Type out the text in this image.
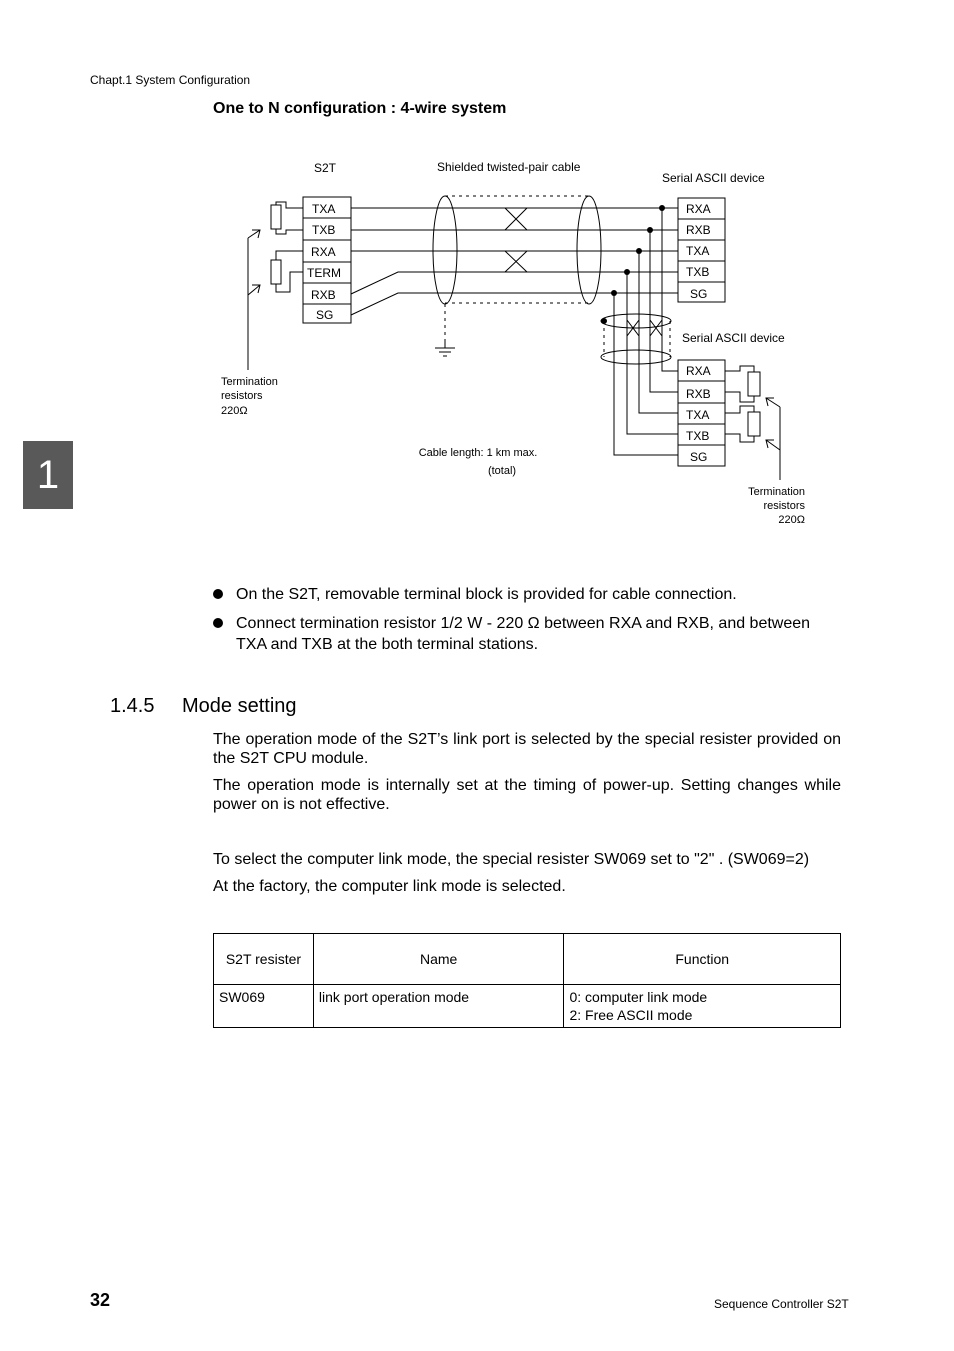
Chapt.1 System Configuration
One to N configuration : 4-wire system
1
S2T	Shielded twisted-pair cable
Serial ASCII device
Serial ASCII device
TXA
TXB
RXA
TERM
RXB
SG
Termination
resistors
220Ω
RXA
RXB
TXA
TXB
SG
RXA
RXB
TXA
TXB
SG
Termination
resistors
220Ω
Cable length: 1 km max.
(total)
On the S2T, removable terminal block is provided for cable connection.
Connect termination resistor 1/2 W - 220 Ω between RXA and RXB, and between TXA and TXB at the both terminal stations.
1.4.5 Mode setting
The operation mode of the S2T’s link port is selected by the special resister provided on the S2T CPU module.
The operation mode is internally set at the timing of power-up. Setting changes while power on is not effective.
To select the computer link mode, the special resister SW069 set to "2" . (SW069=2)
At the factory, the computer link mode is selected.
S2T resister	Name	Function
SW069	link port operation mode	0: computer link mode
2: Free ASCII mode
32	Sequence Controller S2T
